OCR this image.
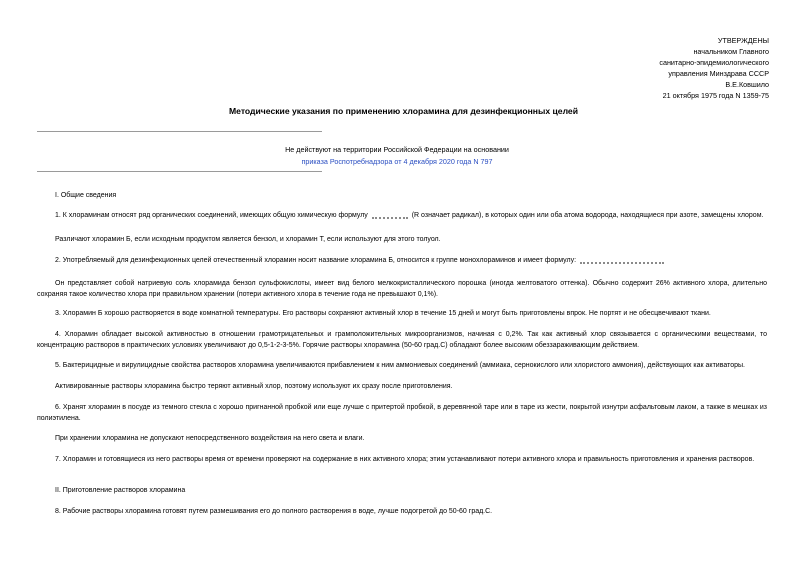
УТВЕРЖДЕНЫ
начальником Главного
санитарно-эпидемиологического
управления Минздрава СССР
В.Е.Ковшило
21 октября 1975 года N 1359-75
Методические указания по применению хлорамина для дезинфекционных целей
Не действуют на территории Российской Федерации на основании
приказа Роспотребнадзора от 4 декабря 2020 года N 797
I. Общие сведения
1. К хлораминам относят ряд органических соединений, имеющих общую химическую формулу	(R означает радикал), в которых один или оба атома водорода, находящиеся при азоте, замещены хлором.
Различают хлорамин Б, если исходным продуктом является бензол, и хлорамин Т, если используют для этого толуол.
2. Употребляемый для дезинфекционных целей отечественный хлорамин носит название хлорамина Б, относится к группе монохлораминов и имеет формулу:
Он представляет собой натриевую соль хлорамида бензол сульфокислоты, имеет вид белого мелкокристаллического порошка (иногда желтоватого оттенка). Обычно содержит 26% активного хлора, длительно сохраняя такое количество хлора при правильном хранении (потери активного хлора в течение года не превышают 0,1%).
3. Хлорамин Б хорошо растворяется в воде комнатной температуры. Его растворы сохраняют активный хлор в течение 15 дней и могут быть приготовлены впрок. Не портят и не обесцвечивают ткани.
4. Хлорамин обладает высокой активностью в отношении грамотрицательных и грамположительных микроорганизмов, начиная с 0,2%. Так как активный хлор связывается с органическими веществами, то концентрацию растворов в практических условиях увеличивают до 0,5-1-2-3-5%. Горячие растворы хлорамина (50-60 град.С) обладают более высоким обеззараживающим действием.
5. Бактерицидные и вирулицидные свойства растворов хлорамина увеличиваются прибавлением к ним аммониевых соединений (аммиака, сернокислого или хлористого аммония), действующих как активаторы.
Активированные растворы хлорамина быстро теряют активный хлор, поэтому используют их сразу после приготовления.
6. Хранят хлорамин в посуде из темного стекла с хорошо пригнанной пробкой или еще лучше с притертой пробкой, в деревянной таре или в таре из жести, покрытой изнутри асфальтовым лаком, а также в мешках из полиэтилена.
При хранении хлорамина не допускают непосредственного воздействия на него света и влаги.
7. Хлорамин и готовящиеся из него растворы время от времени проверяют на содержание в них активного хлора; этим устанавливают потери активного хлора и правильность приготовления и хранения растворов.
II. Приготовление растворов хлорамина
8. Рабочие растворы хлорамина готовят путем размешивания его до полного растворения в воде, лучше подогретой до 50-60 град.С.
